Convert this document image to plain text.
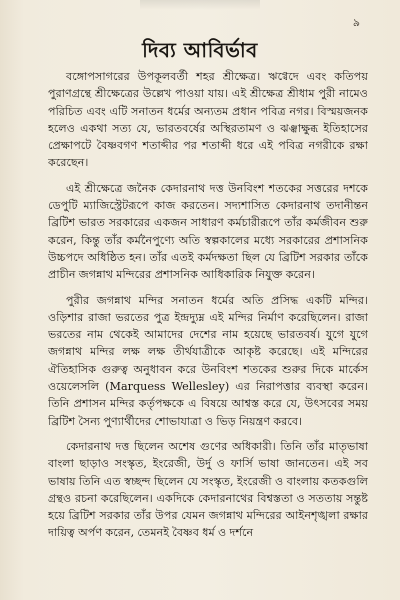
৯
দিব্য আবির্ভাব

বঙ্গোপসাগরের উপকূলবর্তী শহর শ্রীক্ষেত্র। ঋগ্বেদে এবং কতিপয় পুরাণগ্রন্থে শ্রীক্ষেত্রের উল্লেখ পাওয়া যায়। এই শ্রীক্ষেত্র শ্রীধাম পুরী নামেও পরিচিত এবং এটি সনাতন ধর্মের অন্যতম প্রধান পবিত্র নগর। বিস্ময়জনক হলেও একথা সত্য যে, ভারতবর্ষের অস্থিরতামণ ও ঝঞ্ঝাক্ষুব্ধ ইতিহাসের প্রেক্ষাপটে বৈষ্ণবগণ শতাব্দীর পর শতাব্দী ধরে এই পবিত্র নগরীকে রক্ষা করেছেন।

এই শ্রীক্ষেত্রে জনৈক কেদারনাথ দত্ত উনবিংশ শতকের সত্তরের দশকে ডেপুটি ম্যাজিস্ট্রেটরূপে কাজ করতেন। সদ্যশাসিত কেদারনাথ তদানীন্তন ব্রিটিশ ভারত সরকারের একজন সাধারণ কর্মচারীরূপে তাঁর কর্মজীবন শুরু করেন, কিন্তু তাঁর কর্মনৈপুণ্যে অতি স্বল্পকালের মধ্যে সরকারের প্রশাসনিক উচ্চপদে অধিষ্ঠিত হন। তাঁর এতই কর্মদক্ষতা ছিল যে ব্রিটিশ সরকার তাঁকে প্রাচীন জগন্নাথ মন্দিরের প্রশাসনিক আধিকারিক নিযুক্ত করেন।

পুরীর জগন্নাথ মন্দির সনাতন ধর্মের অতি প্রসিদ্ধ একটি মন্দির। ওড়িশার রাজা ভরতের পুত্র ইন্দ্রদ্যুম্ন এই মন্দির নির্মাণ করেছিলেন। রাজা ভরতের নাম থেকেই আমাদের দেশের নাম হয়েছে ভারতবর্ষ। যুগে যুগে জগন্নাথ মন্দির লক্ষ লক্ষ তীর্থযাত্রীকে আকৃষ্ট করেছে। এই মন্দিরের ঐতিহাসিক গুরুত্ব অনুধাবন করে উনবিংশ শতকের শুরুর দিকে মার্কেস ওয়েলেসলি (Marquess Wellesley) এর নিরাপত্তার ব্যবস্থা করেন। তিনি প্রশাসন মন্দির কর্তৃপক্ষকে এ বিষয়ে আশ্বস্ত করে যে, উৎসবের সময় ব্রিটিশ সৈন্য পুণ্যার্থীদের শোভাযাত্রা ও ভিড় নিয়ন্ত্রণ করবে।

কেদারনাথ দত্ত ছিলেন অশেষ গুণের অধিকারী। তিনি তাঁর মাতৃভাষা বাংলা ছাড়াও সংস্কৃত, ইংরেজী, উর্দু ও ফার্সি ভাষা জানতেন। এই সব ভাষায় তিনি এত স্বচ্ছন্দ ছিলেন যে সংস্কৃত, ইংরেজী ও বাংলায় কতকগুলি গ্রন্থও রচনা করেছিলেন। একদিকে কেদারনাথের বিশ্বস্ততা ও সততায় সন্তুষ্ট হয়ে ব্রিটিশ সরকার তাঁর উপর যেমন জগন্নাথ মন্দিরের আইনশৃঙ্খলা রক্ষার দায়িত্ব অর্পণ করেন, তেমনই বৈষ্ণব ধর্ম ও দর্শনে
